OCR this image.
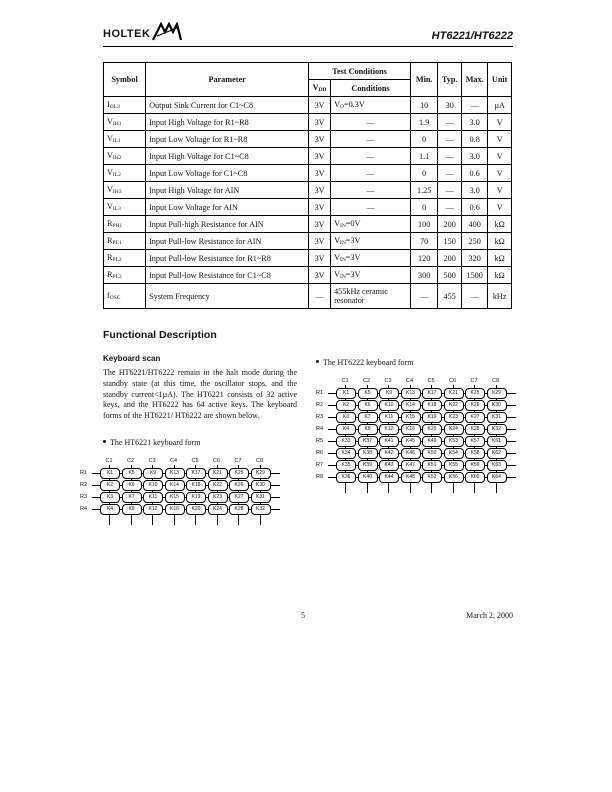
HOLTEK	HT6221/HT6222
Symbol	Parameter	Test Conditions		Min.	Typ.	Max.	Unit
		VDD	Conditions				
IOL3	Output Sink Current for C1~C8	3V	VO=0.3V	10	30	—	µA
VIH1	Input High Voltage for R1~R8	3V	—	1.9	—	3.0	V
VIL1	Input Low Voltage for R1~R8	3V	—	0	—	0.8	V
VIH2	Input High Voltage for C1~C8	3V	—	1.1	—	3.0	V
VIL2	Input Low Voltage for C1~C8	3V	—	0	—	0.6	V
VIH3	Input High Voltage for AIN	3V	—	1.25	—	3.0	V
VIL3	Input Low Voltage for AIN	3V	—	0	—	0.6	V
RPH1	Input Pull-high Resistance for AIN	3V	VIN=0V	100	200	400	kΩ
RPL1	Input Pull-low Resistance for AIN	3V	VIN=3V	70	150	250	kΩ
RPL2	Input Pull-low Resistance for R1~R8	3V	VIN=3V	120	200	320	kΩ
RPL3	Input Pull-low Resistance for C1~C8	3V	VIN=3V	300	500	1500	kΩ
fOSC	System Frequency	—	455kHz ceramic resonator	—	455	—	kHz
Functional Description
Keyboard scan
The HT6221/HT6222 remain in the halt mode during the standby state (at this time, the oscillator stops, and the standby current<1µA). The HT6221 consists of 32 active keys, and the HT6222 has 64 active keys. The keyboard forms of the HT6221/ HT6222 are shown below.
The HT6221 keyboard form
The HT6222 keyboard form
C1	C2	C3	C4	C5	C6	C7	C8
R1	K1	K5	K9	K13	K17	K21	K25	K29
R2	K2	K6	K10	K14	K18	K22	K26	K30
R3	K3	K7	K11	K15	K19	K23	K27	K31
R4	K4	K8	K12	K16	K20	K24	K28	K32
C1	C2	C3	C4	C5	C6	C7	C8
R1	K1	K5	K9	K13	K17	K21	K25	K29
R2	K2	K6	K10	K14	K18	K22	K26	K30
R3	K3	K7	K11	K15	K19	K23	K27	K31
R4	K4	K8	K12	K16	K20	K24	K28	K32
R5	K33	K37	K41	K45	K49	K53	K57	K61
R6	K34	K38	K42	K46	K50	K54	K58	K62
R7	K35	K39	K43	K47	K51	K55	K59	K63
R8	K36	K40	K44	K48	K52	K56	K60	K64
5	March 2, 2000
